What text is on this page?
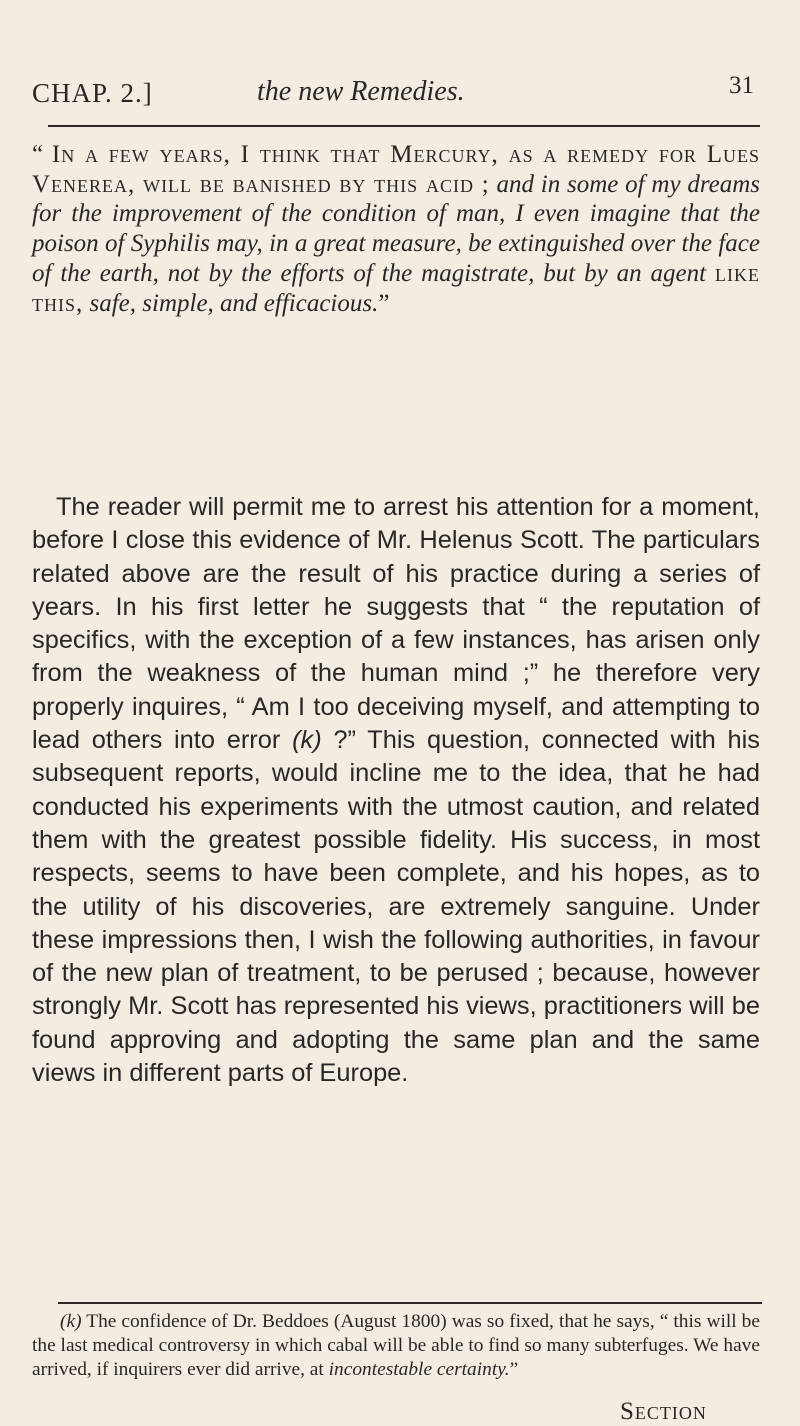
CHAP. 2.]	the new Remedies.	31
“ In a few years, I think that Mercury, as a remedy for Lues Venerea, will be banished by this acid ; and in some of my dreams for the improvement of the condition of man, I even imagine that the poison of Syphilis may, in a great measure, be extinguished over the face of the earth, not by the efforts of the magistrate, but by an agent like this, safe, simple, and efficacious.”

The reader will permit me to arrest his attention for a moment, before I close this evidence of Mr. Helenus Scott. The particulars related above are the result of his practice during a series of years. In his first letter he suggests that “ the reputation of specifics, with the exception of a few instances, has arisen only from the weakness of the human mind ;” he therefore very properly inquires, “ Am I too deceiving myself, and attempting to lead others into error (k) ?” This question, connected with his subsequent reports, would incline me to the idea, that he had conducted his experiments with the utmost caution, and related them with the greatest possible fidelity. His success, in most respects, seems to have been complete, and his hopes, as to the utility of his discoveries, are extremely sanguine. Under these impressions then, I wish the following authorities, in favour of the new plan of treatment, to be perused ; because, however strongly Mr. Scott has represented his views, practitioners will be found approving and adopting the same plan and the same views in different parts of Europe.

(k) The confidence of Dr. Beddoes (August 1800) was so fixed, that he says, “ this will be the last medical controversy in which cabal will be able to find so many subterfuges. We have arrived, if inquirers ever did arrive, at incontestable certainty.”
Section
